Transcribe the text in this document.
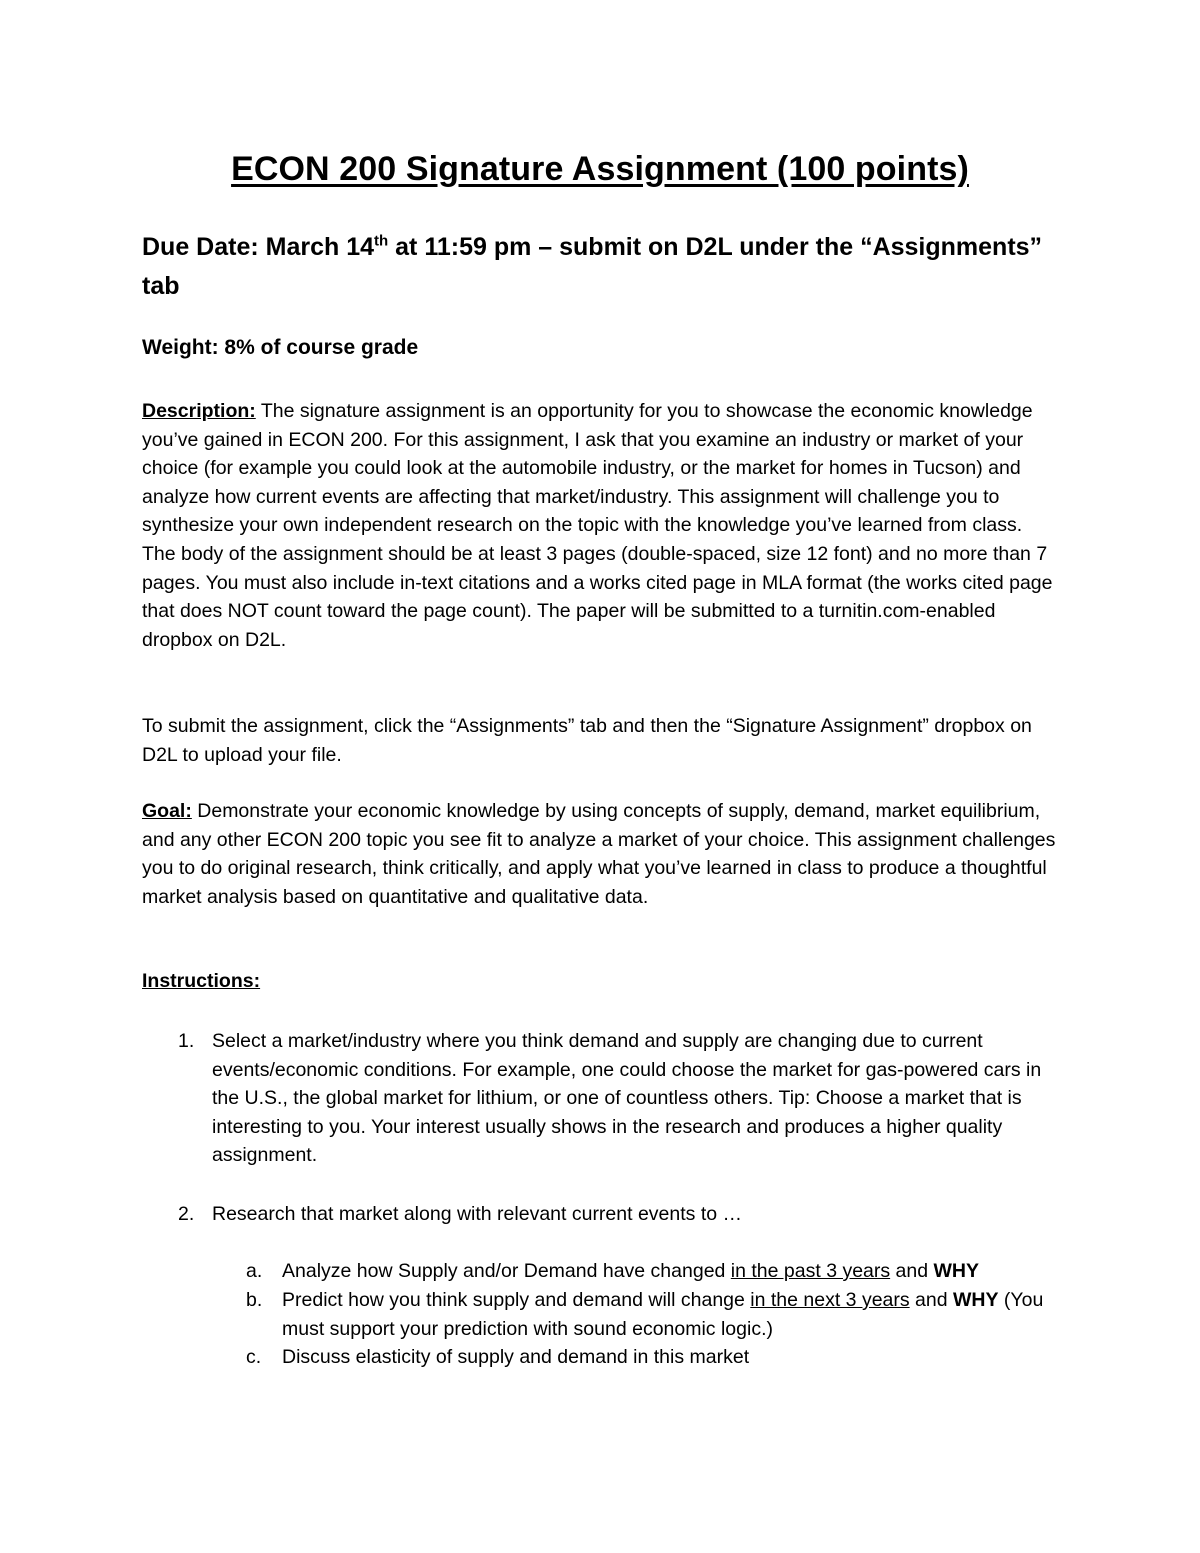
ECON 200 Signature Assignment (100 points)

Due Date: March 14th at 11:59 pm – submit on D2L under the “Assignments” tab

Weight: 8% of course grade

Description: The signature assignment is an opportunity for you to showcase the economic knowledge you’ve gained in ECON 200. For this assignment, I ask that you examine an industry or market of your choice (for example you could look at the automobile industry, or the market for homes in Tucson) and analyze how current events are affecting that market/industry. This assignment will challenge you to synthesize your own independent research on the topic with the knowledge you’ve learned from class. The body of the assignment should be at least 3 pages (double-spaced, size 12 font) and no more than 7 pages. You must also include in-text citations and a works cited page in MLA format (the works cited page that does NOT count toward the page count). The paper will be submitted to a turnitin.com-enabled dropbox on D2L.

To submit the assignment, click the “Assignments” tab and then the “Signature Assignment” dropbox on D2L to upload your file.

Goal: Demonstrate your economic knowledge by using concepts of supply, demand, market equilibrium, and any other ECON 200 topic you see fit to analyze a market of your choice. This assignment challenges you to do original research, think critically, and apply what you’ve learned in class to produce a thoughtful market analysis based on quantitative and qualitative data.

Instructions:

1. Select a market/industry where you think demand and supply are changing due to current events/economic conditions. For example, one could choose the market for gas-powered cars in the U.S., the global market for lithium, or one of countless others. Tip: Choose a market that is interesting to you. Your interest usually shows in the research and produces a higher quality assignment.
2. Research that market along with relevant current events to …
a. Analyze how Supply and/or Demand have changed in the past 3 years and WHY
b. Predict how you think supply and demand will change in the next 3 years and WHY (You must support your prediction with sound economic logic.)
c. Discuss elasticity of supply and demand in this market
